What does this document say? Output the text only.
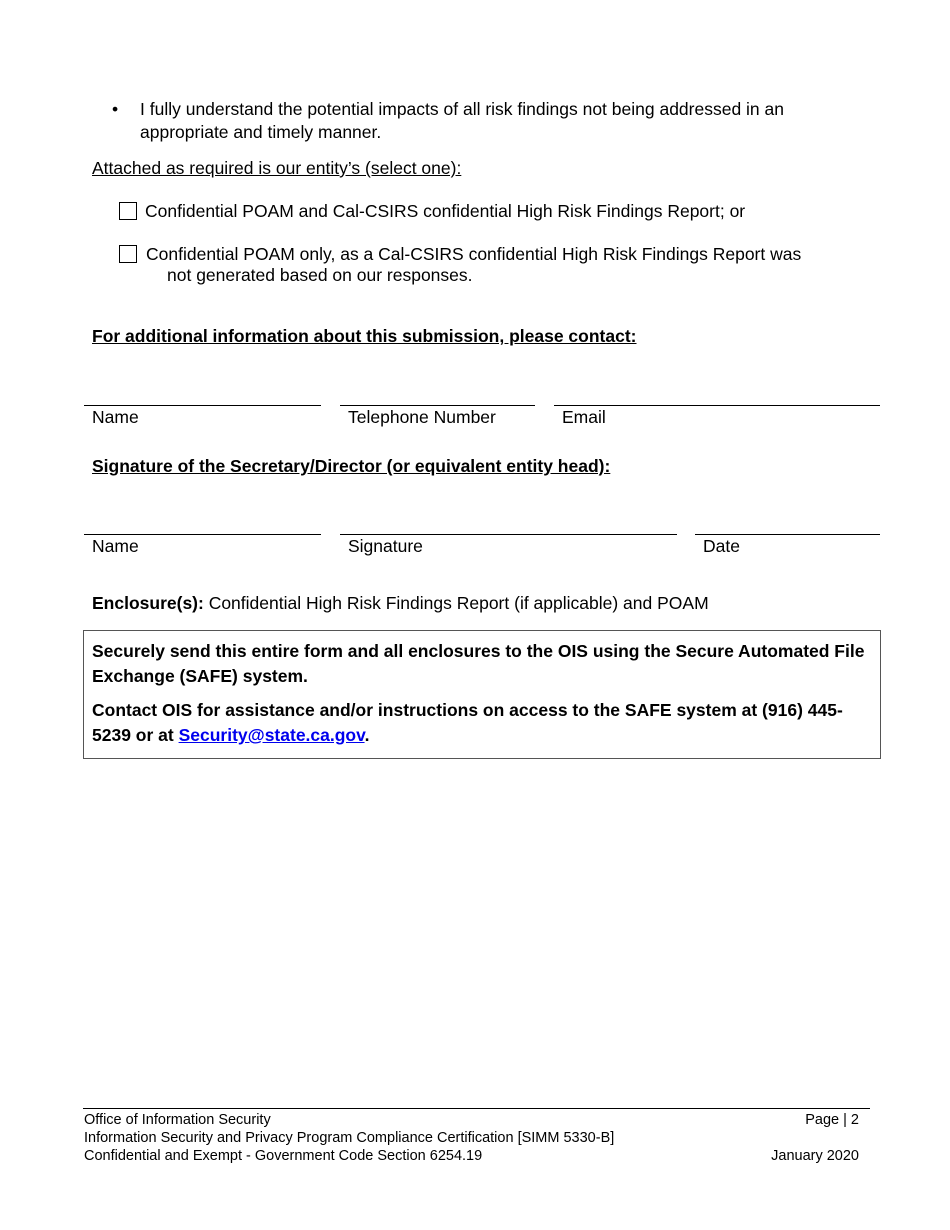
• I fully understand the potential impacts of all risk findings not being addressed in an appropriate and timely manner.
Attached as required is our entity’s (select one):
Confidential POAM and Cal-CSIRS confidential High Risk Findings Report; or
Confidential POAM only, as a Cal-CSIRS confidential High Risk Findings Report was
not generated based on our responses.
For additional information about this submission, please contact:
Name	Telephone Number	Email
Signature of the Secretary/Director (or equivalent entity head):
Name	Signature	Date
Enclosure(s): Confidential High Risk Findings Report (if applicable) and POAM
Securely send this entire form and all enclosures to the OIS using the Secure Automated File Exchange (SAFE) system.
Contact OIS for assistance and/or instructions on access to the SAFE system at (916) 445-5239 or at Security@state.ca.gov.
Office of Information Security	Page | 2
Information Security and Privacy Program Compliance Certification [SIMM 5330-B]
Confidential and Exempt - Government Code Section 6254.19	January 2020
